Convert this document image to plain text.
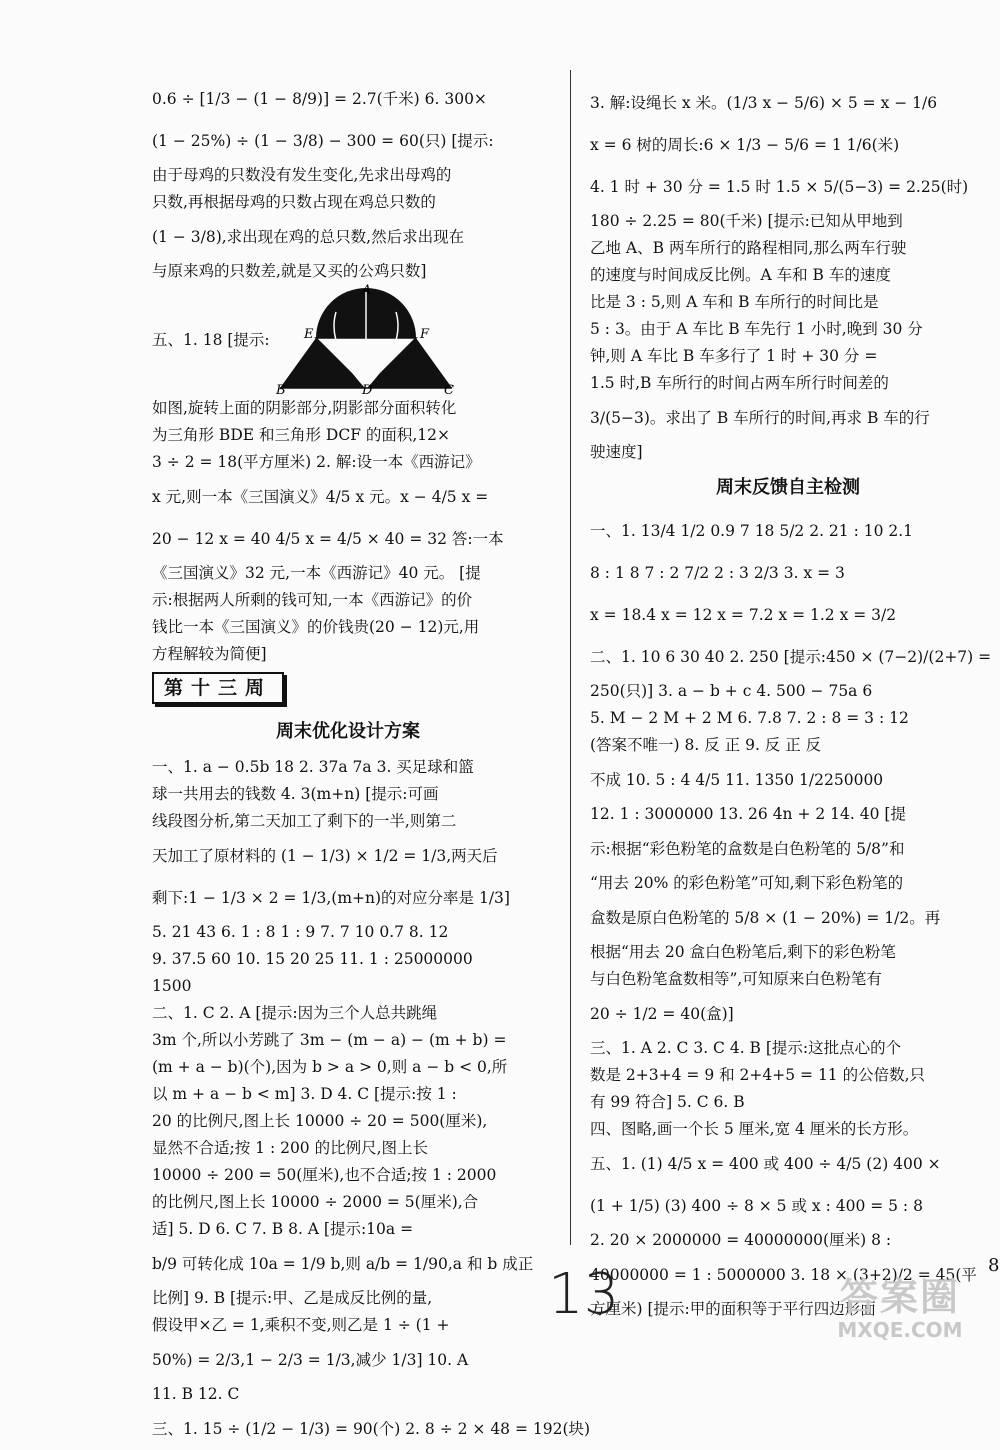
0.6 ÷ [1/3 − (1 − 8/9)] = 2.7(千米) 6. 300×
(1 − 25%) ÷ (1 − 3/8) − 300 = 60(只) [提示:
由于母鸡的只数没有发生变化,先求出母鸡的
只数,再根据母鸡的只数占现在鸡总只数的
(1 − 3/8),求出现在鸡的总只数,然后求出现在
与原来鸡的只数差,就是又买的公鸡只数]
五、1. 18 [提示:
A
E	F
O
B	D	C
如图,旋转上面的阴影部分,阴影部分面积转化
为三角形 BDE 和三角形 DCF 的面积,12×
3 ÷ 2 = 18(平方厘米) 2. 解:设一本《西游记》
x 元,则一本《三国演义》4/5 x 元。x − 4/5 x =
20 − 12 x = 40 4/5 x = 4/5 × 40 = 32 答:一本
《三国演义》32 元,一本《西游记》40 元。 [提
示:根据两人所剩的钱可知,一本《西游记》的价
钱比一本《三国演义》的价钱贵(20 − 12)元,用
方程解较为简便]
第十三周
周末优化设计方案
一、1. a − 0.5b 18 2. 37a 7a 3. 买足球和篮
球一共用去的钱数 4. 3(m+n) [提示:可画
线段图分析,第二天加工了剩下的一半,则第二
天加工了原材料的 (1 − 1/3) × 1/2 = 1/3,两天后
剩下:1 − 1/3 × 2 = 1/3,(m+n)的对应分率是 1/3]
5. 21 43 6. 1 : 8 1 : 9 7. 7 10 0.7 8. 12
9. 37.5 60 10. 15 20 25 11. 1 : 25000000
1500
二、1. C 2. A [提示:因为三个人总共跳绳
3m 个,所以小芳跳了 3m − (m − a) − (m + b) =
(m + a − b)(个),因为 b > a > 0,则 a − b < 0,所
以 m + a − b < m] 3. D 4. C [提示:按 1 :
20 的比例尺,图上长 10000 ÷ 20 = 500(厘米),
显然不合适;按 1 : 200 的比例尺,图上长
10000 ÷ 200 = 50(厘米),也不合适;按 1 : 2000
的比例尺,图上长 10000 ÷ 2000 = 5(厘米),合
适] 5. D 6. C 7. B 8. A [提示:10a =
b/9 可转化成 10a = 1/9 b,则 a/b = 1/90,a 和 b 成正
比例] 9. B [提示:甲、乙是成反比例的量,
假设甲×乙 = 1,乘积不变,则乙是 1 ÷ (1 +
50%) = 2/3,1 − 2/3 = 1/3,减少 1/3] 10. A
11. B 12. C
三、1. 15 ÷ (1/2 − 1/3) = 90(个) 2. 8 ÷ 2 × 48 = 192(块)
3. 解:设绳长 x 米。(1/3 x − 5/6) × 5 = x − 1/6
x = 6 树的周长:6 × 1/3 − 5/6 = 1 1/6(米)
4. 1 时 + 30 分 = 1.5 时 1.5 × 5/(5−3) = 2.25(时)
180 ÷ 2.25 = 80(千米) [提示:已知从甲地到
乙地 A、B 两车所行的路程相同,那么两车行驶
的速度与时间成反比例。A 车和 B 车的速度
比是 3 : 5,则 A 车和 B 车所行的时间比是
5 : 3。由于 A 车比 B 车先行 1 小时,晚到 30 分
钟,则 A 车比 B 车多行了 1 时 + 30 分 =
1.5 时,B 车所行的时间占两车所行时间差的
3/(5−3)。求出了 B 车所行的时间,再求 B 车的行
驶速度]
周末反馈自主检测
一、1. 13/4 1/2 0.9 7 18 5/2 2. 21 : 10 2.1
8 : 1 8 7 : 2 7/2 2 : 3 2/3 3. x = 3
x = 18.4 x = 12 x = 7.2 x = 1.2 x = 3/2
二、1. 10 6 30 40 2. 250 [提示:450 × (7−2)/(2+7) =
250(只)] 3. a − b + c 4. 500 − 75a 6
5. M − 2 M + 2 M 6. 7.8 7. 2 : 8 = 3 : 12
(答案不唯一) 8. 反 正 9. 反 正 反
不成 10. 5 : 4 4/5 11. 1350 1/2250000
12. 1 : 3000000 13. 26 4n + 2 14. 40 [提
示:根据“彩色粉笔的盒数是白色粉笔的 5/8”和
“用去 20% 的彩色粉笔”可知,剩下彩色粉笔的
盒数是原白色粉笔的 5/8 × (1 − 20%) = 1/2。再
根据“用去 20 盒白色粉笔后,剩下的彩色粉笔
与白色粉笔盒数相等”,可知原来白色粉笔有
20 ÷ 1/2 = 40(盒)]
三、1. A 2. C 3. C 4. B [提示:这批点心的个
数是 2+3+4 = 9 和 2+4+5 = 11 的公倍数,只
有 99 符合] 5. C 6. B
四、图略,画一个长 5 厘米,宽 4 厘米的长方形。
五、1. (1) 4/5 x = 400 或 400 ÷ 4/5 (2) 400 ×
(1 + 1/5) (3) 400 ÷ 8 × 5 或 x : 400 = 5 : 8
2. 20 × 2000000 = 40000000(厘米) 8 :
40000000 = 1 : 5000000 3. 18 × (3+2)/2 = 45(平
方厘米) [提示:甲的面积等于平行四边形面
13	8
答案圈
MXQE.COM
